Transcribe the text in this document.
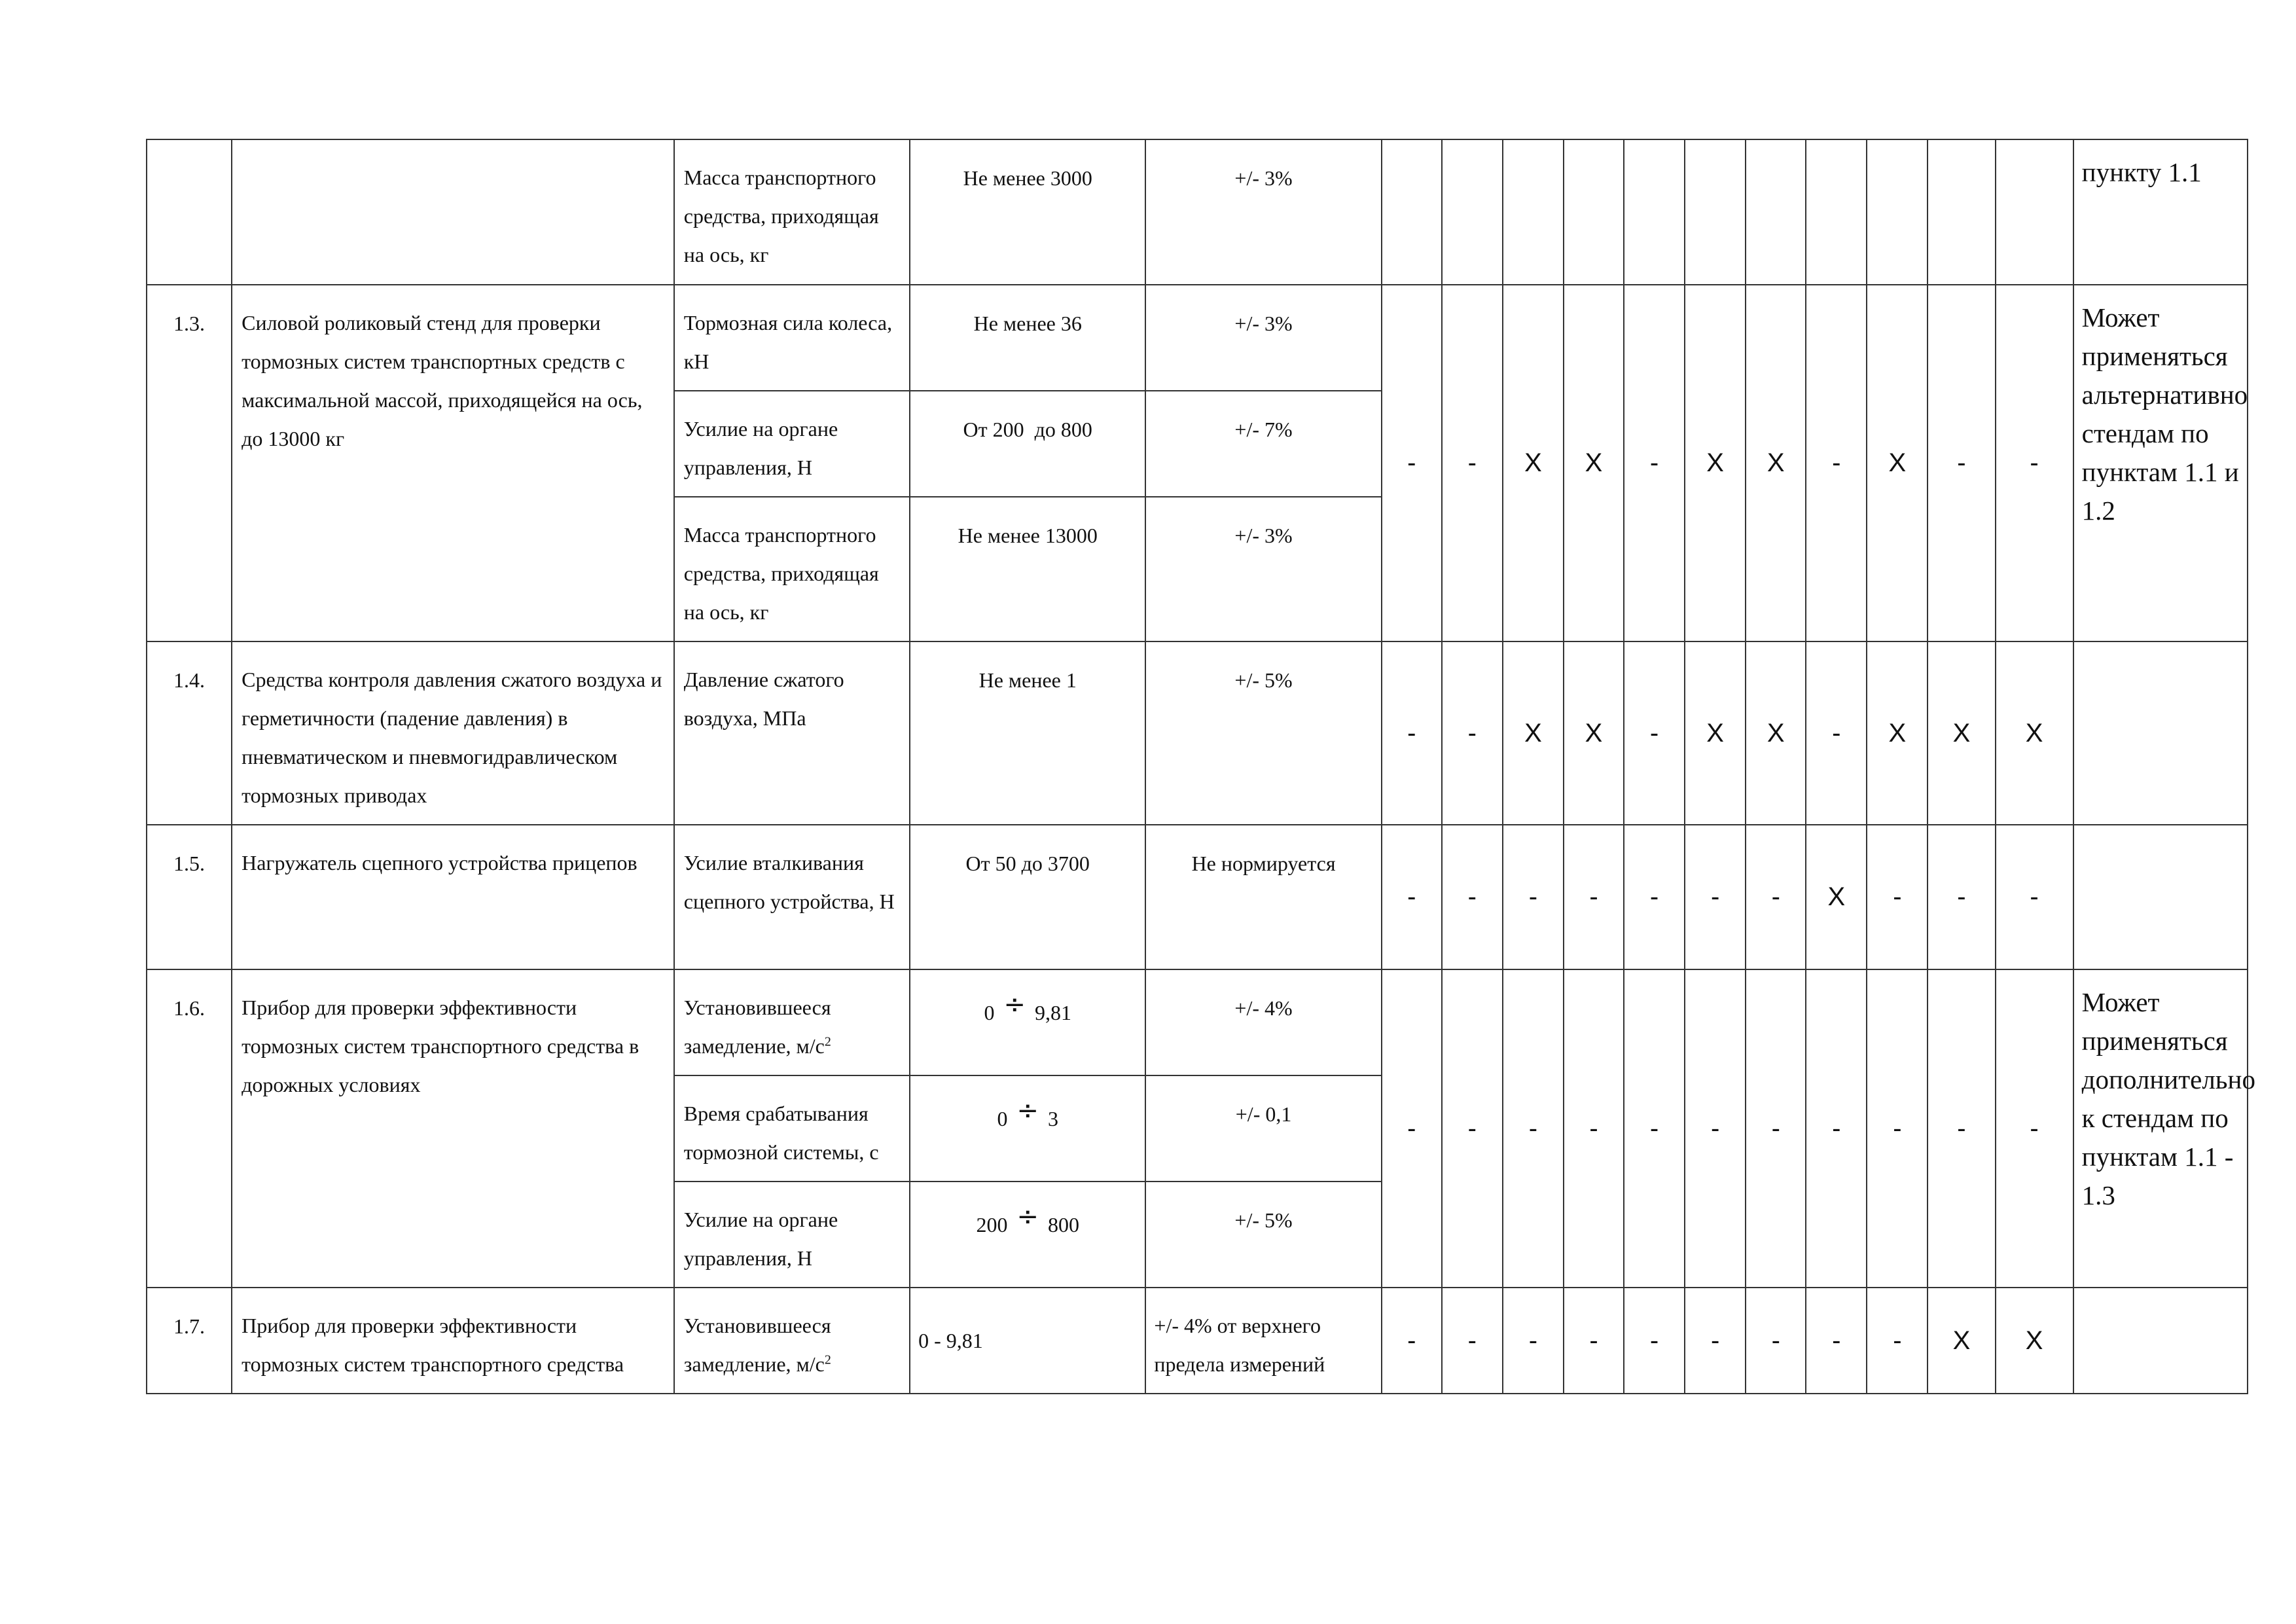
		Масса транспортного средства, приходящая на ось, кг	Не менее 3000	+/- 3%												пункту 1.1
1.3.	Силовой роликовый стенд для проверки тормозных систем транспортных средств с максимальной массой, приходящейся на ось, до 13000 кг	Тормозная сила колеса, кН	Не менее 36	+/- 3%	-	-	X	X	-	X	X	-	X	-	-	Может применяться альтернативно стендам по пунктам 1.1 и 1.2
		Усилие на органе управления, Н	От 200  до 800	+/- 7%												
		Масса транспортного средства, приходящая на ось, кг	Не менее 13000	+/- 3%												
1.4.	Средства контроля давления сжатого воздуха и герметичности (падение давления) в пневматическом и пневмогидравлическом тормозных приводах	Давление сжатого воздуха, МПа	Не менее 1	+/- 5%	-	-	X	X	-	X	X	-	X	X	X	
1.5.	Нагружатель сцепного устройства прицепов	Усилие вталкивания сцепного устройства, Н	От 50 до 3700	Не нормируется	-	-	-	-	-	-	-	X	-	-	-	
1.6.	Прибор для проверки эффективности тормозных систем транспортного средства в дорожных условиях	Установившееся замедление, $м/с^2$	0 ÷ 9,81	+/- 4%	-	-	-	-	-	-	-	-	-	-	-	Может применяться дополнительно к стендам по пунктам 1.1 - 1.3
		Время срабатывания тормозной системы, с	0 ÷ 3	+/- 0,1												
		Усилие на органе управления, Н	200 ÷ 800	+/- 5%												
1.7.	Прибор для проверки эффективности тормозных систем транспортного средства	Установившееся замедление, $м/с^2$	0 - 9,81	+/- 4% от верхнего предела измерений	-	-	-	-	-	-	-	-	-	X	X	
